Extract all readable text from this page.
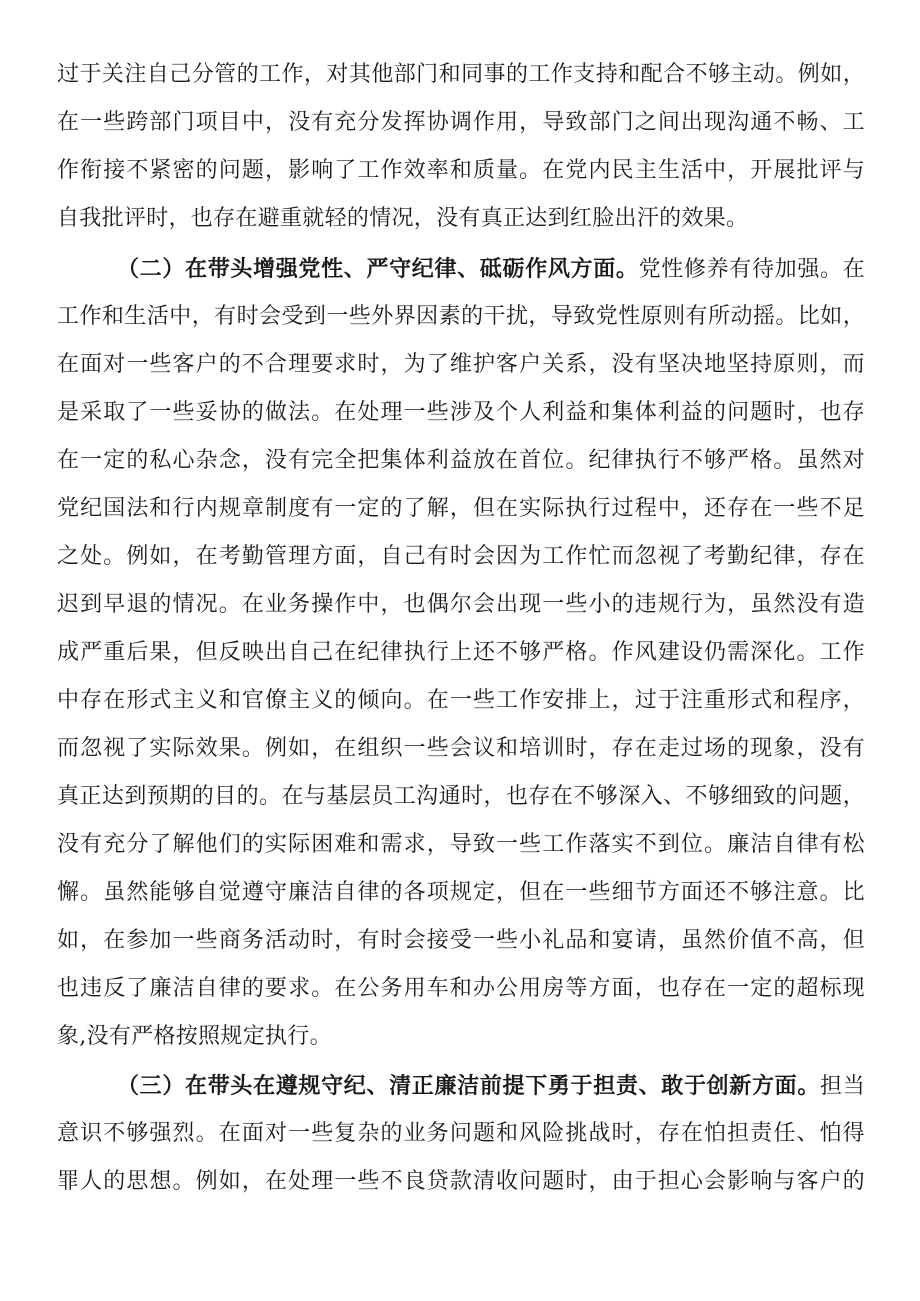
过于关注自己分管的工作，对其他部门和同事的工作支持和配合不够主动。例如，
在一些跨部门项目中，没有充分发挥协调作用，导致部门之间出现沟通不畅、工
作衔接不紧密的问题，影响了工作效率和质量。在党内民主生活中，开展批评与
自我批评时，也存在避重就轻的情况，没有真正达到红脸出汗的效果。
（二）在带头增强党性、严守纪律、砥砺作风方面。党性修养有待加强。在
工作和生活中，有时会受到一些外界因素的干扰，导致党性原则有所动摇。比如，
在面对一些客户的不合理要求时，为了维护客户关系，没有坚决地坚持原则，而
是采取了一些妥协的做法。在处理一些涉及个人利益和集体利益的问题时，也存
在一定的私心杂念，没有完全把集体利益放在首位。纪律执行不够严格。虽然对
党纪国法和行内规章制度有一定的了解，但在实际执行过程中，还存在一些不足
之处。例如，在考勤管理方面，自己有时会因为工作忙而忽视了考勤纪律，存在
迟到早退的情况。在业务操作中，也偶尔会出现一些小的违规行为，虽然没有造
成严重后果，但反映出自己在纪律执行上还不够严格。作风建设仍需深化。工作
中存在形式主义和官僚主义的倾向。在一些工作安排上，过于注重形式和程序，
而忽视了实际效果。例如，在组织一些会议和培训时，存在走过场的现象，没有
真正达到预期的目的。在与基层员工沟通时，也存在不够深入、不够细致的问题，
没有充分了解他们的实际困难和需求，导致一些工作落实不到位。廉洁自律有松
懈。虽然能够自觉遵守廉洁自律的各项规定，但在一些细节方面还不够注意。比
如，在参加一些商务活动时，有时会接受一些小礼品和宴请，虽然价值不高，但
也违反了廉洁自律的要求。在公务用车和办公用房等方面，也存在一定的超标现
象,没有严格按照规定执行。
（三）在带头在遵规守纪、清正廉洁前提下勇于担责、敢于创新方面。担当
意识不够强烈。在面对一些复杂的业务问题和风险挑战时，存在怕担责任、怕得
罪人的思想。例如，在处理一些不良贷款清收问题时，由于担心会影响与客户的
